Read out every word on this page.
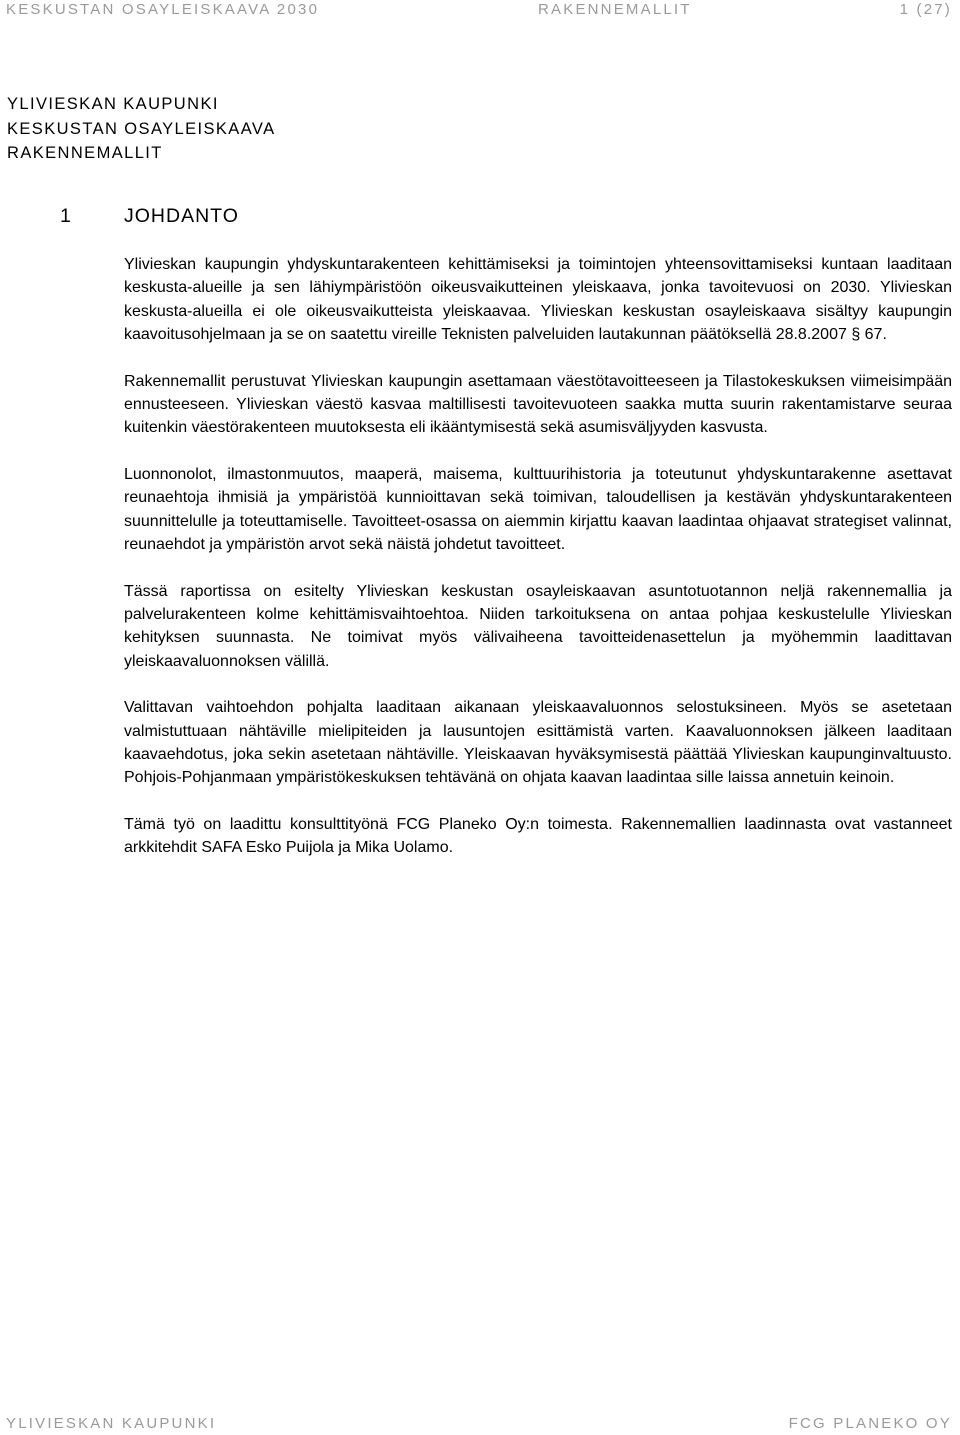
KESKUSTAN OSAYLEISKAAVA 2030	RAKENNEMALLIT	1 (27)
YLIVIESKAN KAUPUNKI
KESKUSTAN OSAYLEISKAAVA
RAKENNEMALLIT
1	JOHDANTO

Ylivieskan kaupungin yhdyskuntarakenteen kehittämiseksi ja toimintojen yhteensovittamiseksi kuntaan laaditaan keskusta-alueille ja sen lähiympäristöön oikeusvaikutteinen yleiskaava, jonka tavoitevuosi on 2030. Ylivieskan keskusta-alueilla ei ole oikeusvaikutteista yleiskaavaa. Ylivieskan keskustan osayleiskaava sisältyy kaupungin kaavoitusohjelmaan ja se on saatettu vireille Teknisten palveluiden lautakunnan päätöksellä 28.8.2007 § 67.

Rakennemallit perustuvat Ylivieskan kaupungin asettamaan väestötavoitteeseen ja Tilastokeskuksen viimeisimpään ennusteeseen. Ylivieskan väestö kasvaa maltillisesti tavoitevuoteen saakka mutta suurin rakentamistarve seuraa kuitenkin väestörakenteen muutoksesta eli ikääntymisestä sekä asumisväljyyden kasvusta.

Luonnonolot, ilmastonmuutos, maaperä, maisema, kulttuurihistoria ja toteutunut yhdyskuntarakenne asettavat reunaehtoja ihmisiä ja ympäristöä kunnioittavan sekä toimivan, taloudellisen ja kestävän yhdyskuntarakenteen suunnittelulle ja toteuttamiselle. Tavoitteet-osassa on aiemmin kirjattu kaavan laadintaa ohjaavat strategiset valinnat, reunaehdot ja ympäristön arvot sekä näistä johdetut tavoitteet.

Tässä raportissa on esitelty Ylivieskan keskustan osayleiskaavan asuntotuotannon neljä rakennemallia ja palvelurakenteen kolme kehittämisvaihtoehtoa. Niiden tarkoituksena on antaa pohjaa keskustelulle Ylivieskan kehityksen suunnasta. Ne toimivat myös välivaiheena tavoitteidenasettelun ja myöhemmin laadittavan yleiskaavaluonnoksen välillä.

Valittavan vaihtoehdon pohjalta laaditaan aikanaan yleiskaavaluonnos selostuksineen. Myös se asetetaan valmistuttuaan nähtäville mielipiteiden ja lausuntojen esittämistä varten. Kaavaluonnoksen jälkeen laaditaan kaavaehdotus, joka sekin asetetaan nähtäville. Yleiskaavan hyväksymisestä päättää Ylivieskan kaupunginvaltuusto. Pohjois-Pohjanmaan ympäristökeskuksen tehtävänä on ohjata kaavan laadintaa sille laissa annetuin keinoin.

Tämä työ on laadittu konsulttityönä FCG Planeko Oy:n toimesta. Rakennemallien laadinnasta ovat vastanneet arkkitehdit SAFA Esko Puijola ja Mika Uolamo.

YLIVIESKAN KAUPUNKI	FCG PLANEKO OY
